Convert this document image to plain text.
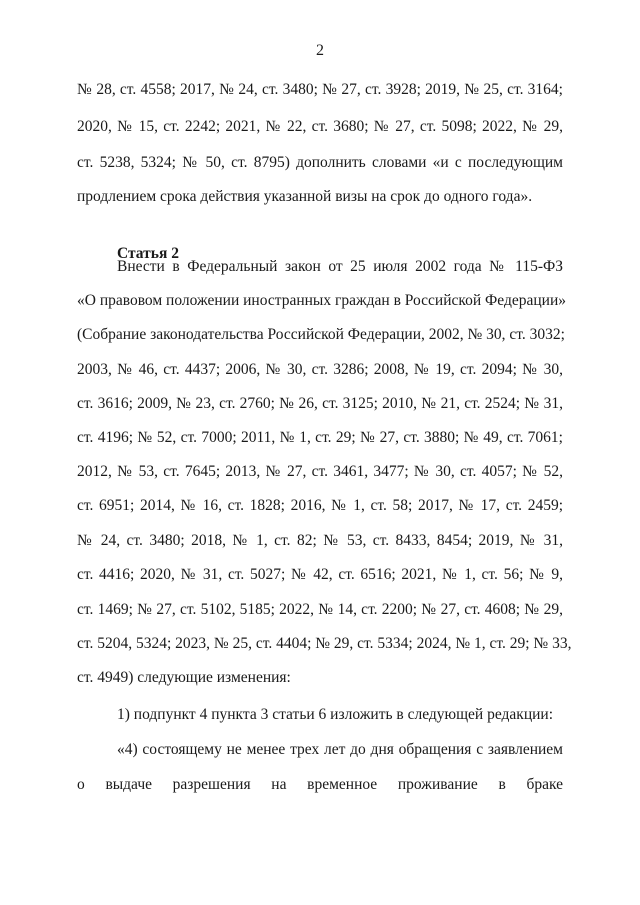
2
№ 28, ст. 4558; 2017, № 24, ст. 3480; № 27, ст. 3928; 2019, № 25, ст. 3164;
2020, № 15, ст. 2242; 2021, № 22, ст. 3680; № 27, ст. 5098; 2022, № 29,
ст. 5238, 5324; № 50, ст. 8795) дополнить словами «и с последующим
продлением срока действия указанной визы на срок до одного года».
Статья 2
Внести в Федеральный закон от 25 июля 2002 года № 115-ФЗ
«О правовом положении иностранных граждан в Российской Федерации»
(Собрание законодательства Российской Федерации, 2002, № 30, ст. 3032;
2003, № 46, ст. 4437; 2006, № 30, ст. 3286; 2008, № 19, ст. 2094; № 30,
ст. 3616; 2009, № 23, ст. 2760; № 26, ст. 3125; 2010, № 21, ст. 2524; № 31,
ст. 4196; № 52, ст. 7000; 2011, № 1, ст. 29; № 27, ст. 3880; № 49, ст. 7061;
2012, № 53, ст. 7645; 2013, № 27, ст. 3461, 3477; № 30, ст. 4057; № 52,
ст. 6951; 2014, № 16, ст. 1828; 2016, № 1, ст. 58; 2017, № 17, ст. 2459;
№ 24, ст. 3480; 2018, № 1, ст. 82; № 53, ст. 8433, 8454; 2019, № 31,
ст. 4416; 2020, № 31, ст. 5027; № 42, ст. 6516; 2021, № 1, ст. 56; № 9,
ст. 1469; № 27, ст. 5102, 5185; 2022, № 14, ст. 2200; № 27, ст. 4608; № 29,
ст. 5204, 5324; 2023, № 25, ст. 4404; № 29, ст. 5334; 2024, № 1, ст. 29; № 33,
ст. 4949) следующие изменения:
1) подпункт 4 пункта 3 статьи 6 изложить в следующей редакции:
«4) состоящему не менее трех лет до дня обращения с заявлением
о выдаче разрешения на временное проживание в браке
